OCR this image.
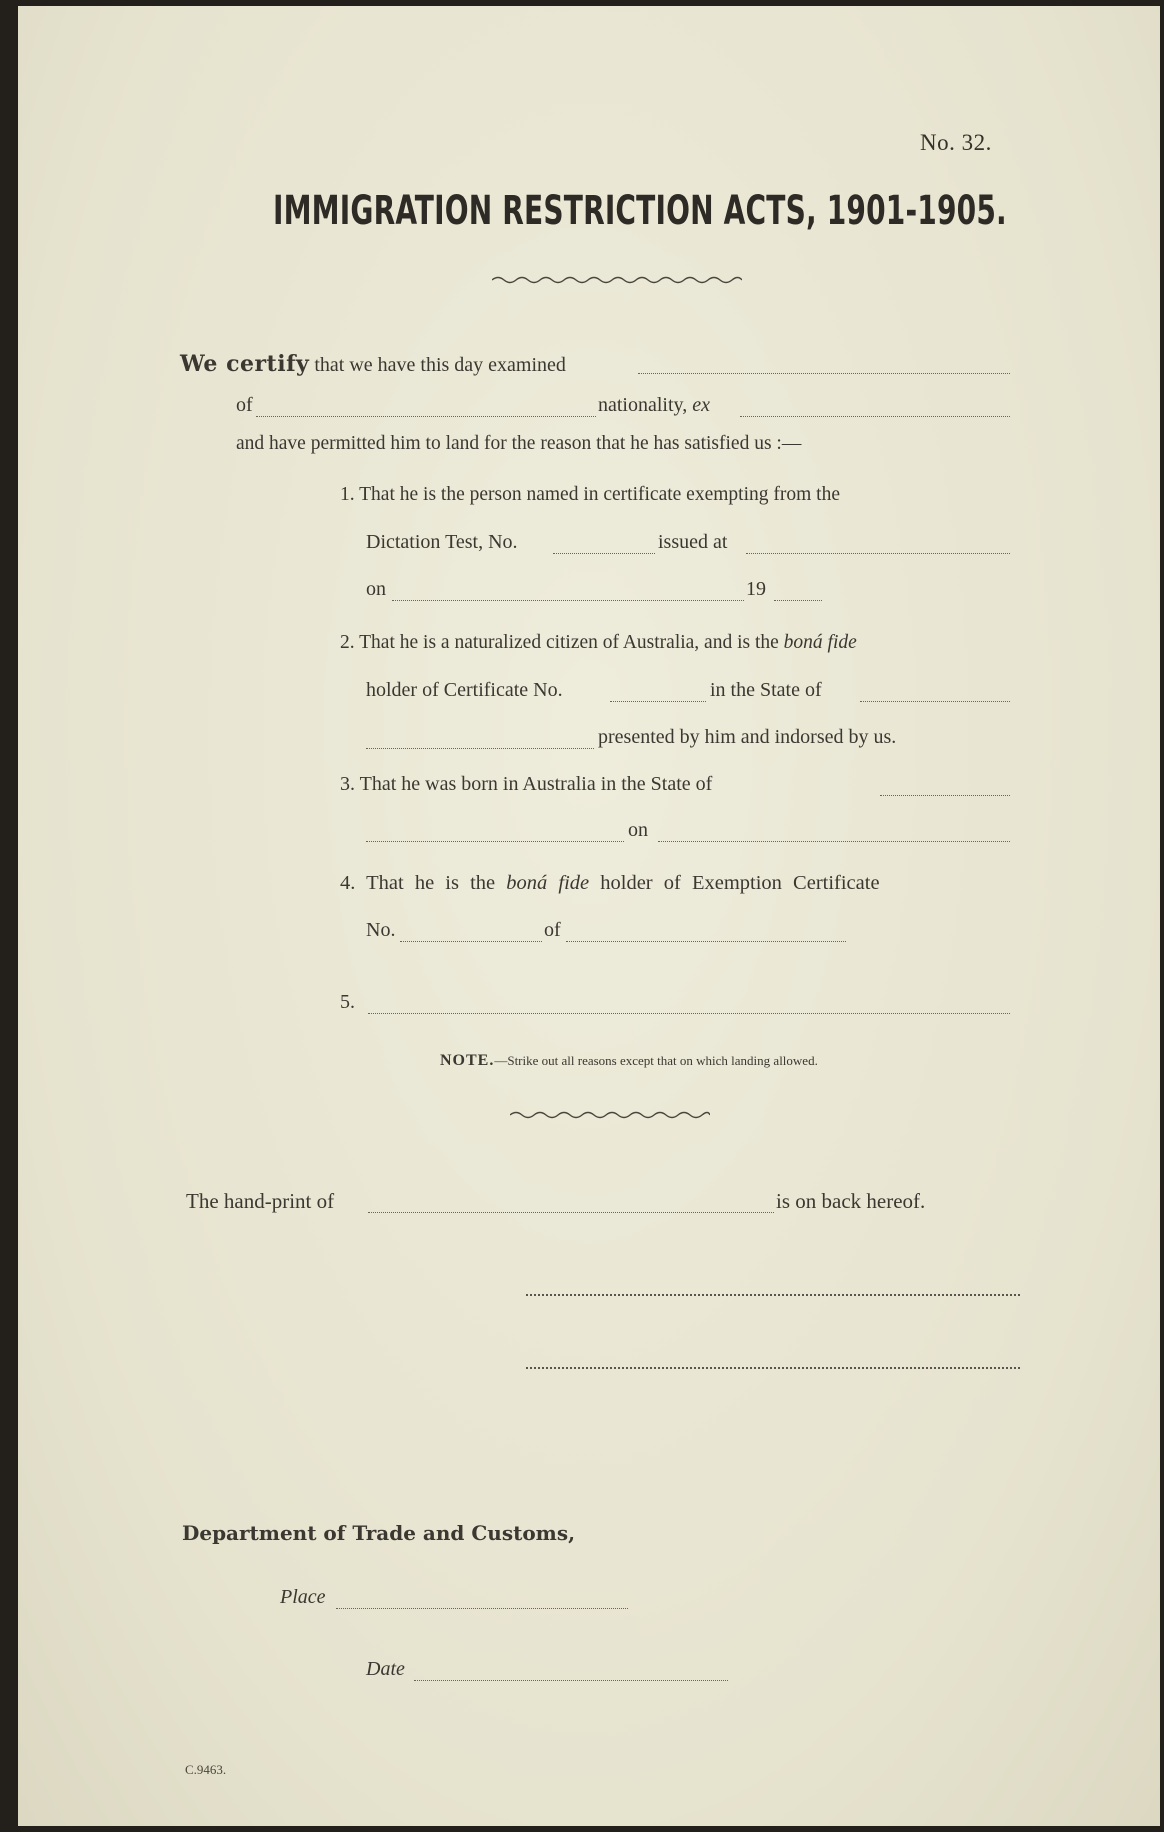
No. 32.
IMMIGRATION RESTRICTION ACTS, 1901-1905.
We certify that we have this day examined
of	nationality, ex
and have permitted him to land for the reason that he has satisfied us :—
1. That he is the person named in certificate exempting from the
Dictation Test, No.	issued at
on	19
2. That he is a naturalized citizen of Australia, and is the boná fide
holder of Certificate No.	in the State of
presented by him and indorsed by us.
3. That he was born in Australia in the State of
on
4. That he is the boná fide holder of Exemption Certificate
No.	of
5.
NOTE.—Strike out all reasons except that on which landing allowed.
The hand-print of	is on back hereof.
Department of Trade and Customs,
Place
Date
C.9463.
